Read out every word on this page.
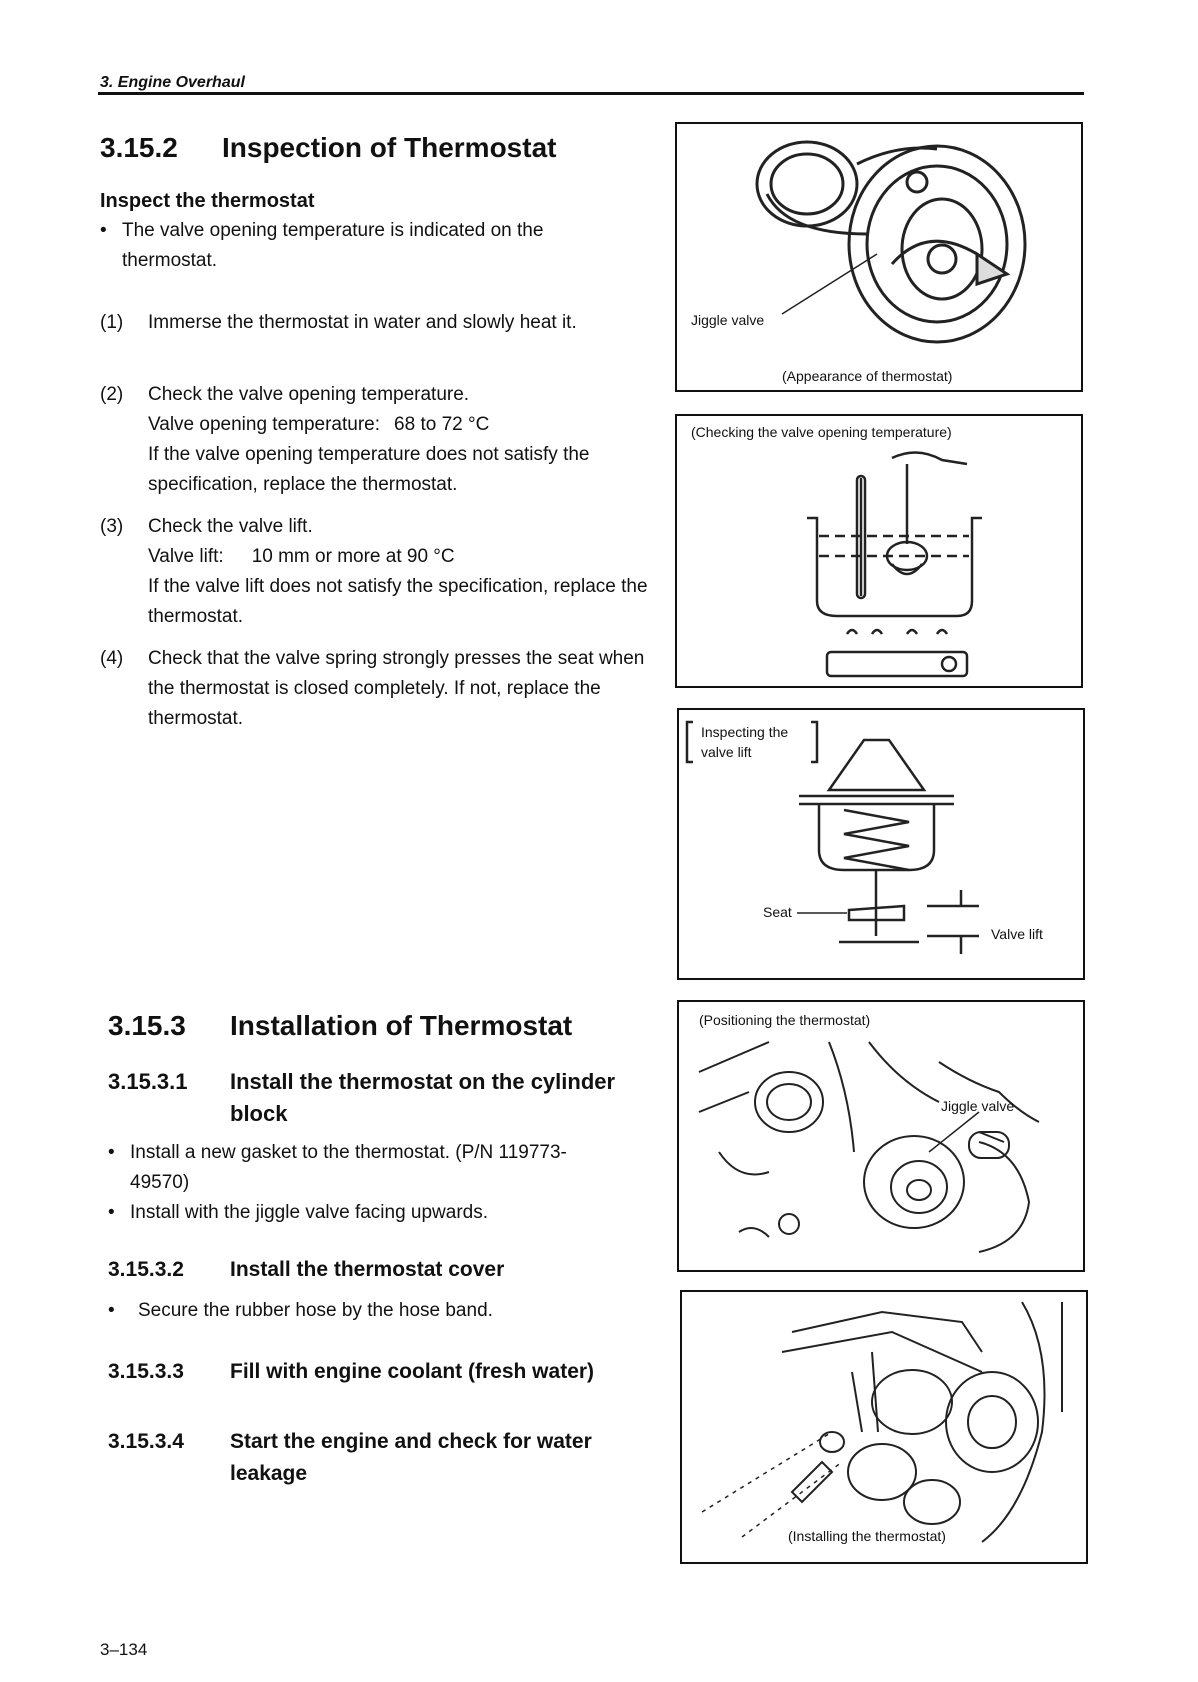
3. Engine Overhaul
3.15.2 Inspection of Thermostat
Inspect the thermostat
• The valve opening temperature is indicated on the thermostat.
(1) Immerse the thermostat in water and slowly heat it.
(2) Check the valve opening temperature.
Valve opening temperature: 68 to 72 °C
If the valve opening temperature does not satisfy the specification, replace the thermostat.
(3) Check the valve lift.
Valve lift: 10 mm or more at 90 °C
If the valve lift does not satisfy the specification, replace the thermostat.
(4) Check that the valve spring strongly presses the seat when the thermostat is closed completely. If not, replace the thermostat.
3.15.3 Installation of Thermostat
3.15.3.1 Install the thermostat on the cylinder block
• Install a new gasket to the thermostat. (P/N 119773-49570)
• Install with the jiggle valve facing upwards.
3.15.3.2 Install the thermostat cover
• Secure the rubber hose by the hose band.
3.15.3.3 Fill with engine coolant (fresh water)
3.15.3.4 Start the engine and check for water leakage
Jiggle valve
(Appearance of thermostat)
(Checking the valve opening temperature)
Inspecting the
valve lift
Seat
Valve lift
(Positioning the thermostat)
Jiggle valve
(Installing the thermostat)
3–134
